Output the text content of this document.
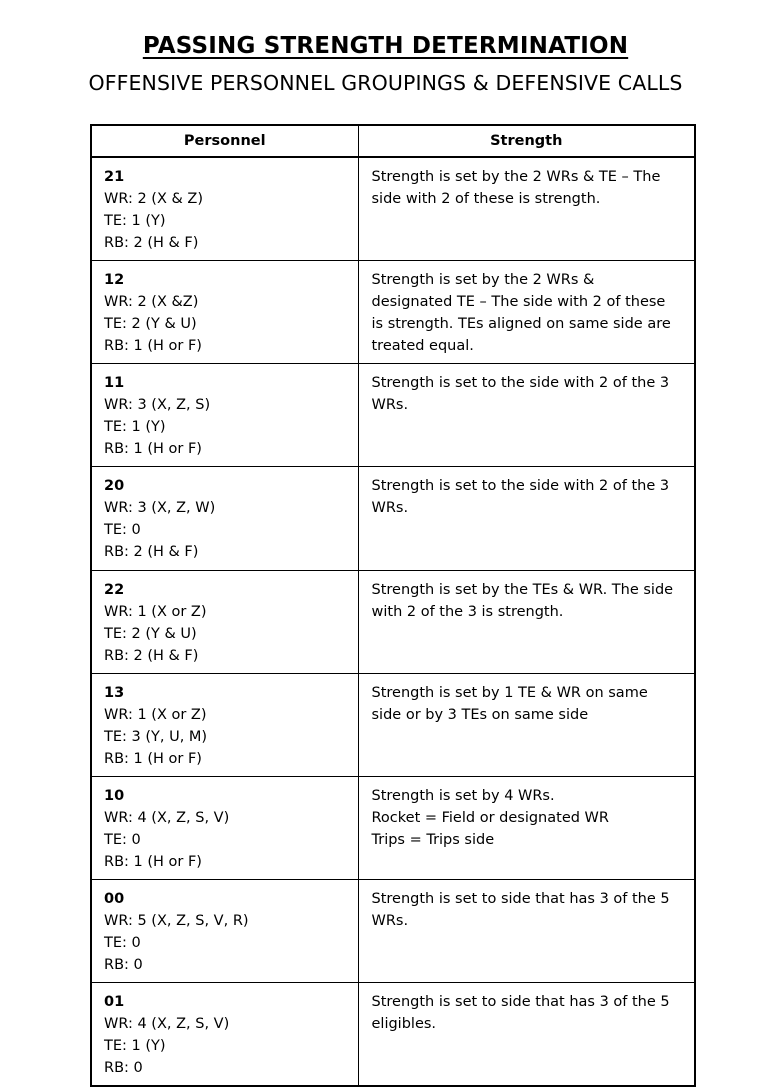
PASSING STRENGTH DETERMINATION
OFFENSIVE PERSONNEL GROUPINGS & DEFENSIVE CALLS
Personnel	Strength

21
WR: 2 (X & Z)
TE: 1 (Y)
RB: 2 (H & F)	Strength is set by the 2 WRs & TE – The side with 2 of these is strength.

12
WR: 2 (X &Z)
TE: 2 (Y & U)
RB: 1 (H or F)	Strength is set by the 2 WRs & designated TE – The side with 2 of these is strength. TEs aligned on same side are treated equal.

11
WR: 3 (X, Z, S)
TE: 1 (Y)
RB: 1 (H or F)	Strength is set to the side with 2 of the 3 WRs.

20
WR: 3 (X, Z, W)
TE: 0
RB: 2 (H & F)	Strength is set to the side with 2 of the 3 WRs.

22
WR: 1 (X or Z)
TE: 2 (Y & U)
RB: 2 (H & F)	Strength is set by the TEs & WR. The side with 2 of the 3 is strength.

13
WR: 1 (X or Z)
TE: 3 (Y, U, M)
RB: 1 (H or F)	Strength is set by 1 TE & WR on same side or by 3 TEs on same side

10
WR: 4 (X, Z, S, V)
TE: 0
RB: 1 (H or F)	Strength is set by 4 WRs.
Rocket = Field or designated WR
Trips = Trips side

00
WR: 5 (X, Z, S, V, R)
TE: 0
RB: 0	Strength is set to side that has 3 of the 5 WRs.

01
WR: 4 (X, Z, S, V)
TE: 1 (Y)
RB: 0	Strength is set to side that has 3 of the 5 eligibles.
